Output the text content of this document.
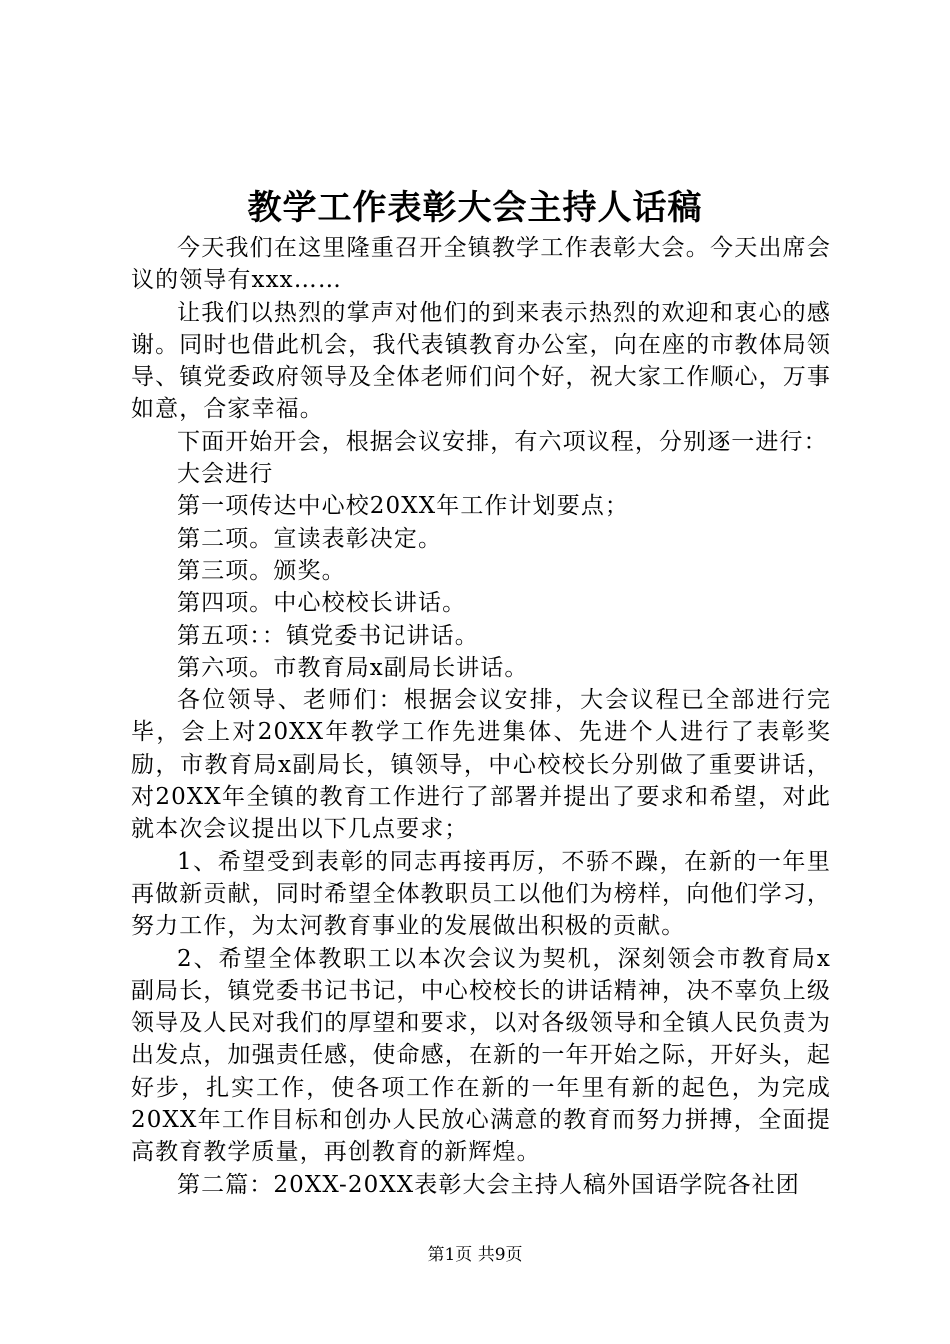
教学工作表彰大会主持人话稿

今天我们在这里隆重召开全镇教学工作表彰大会。今天出席会议的领导有xxx……

让我们以热烈的掌声对他们的到来表示热烈的欢迎和衷心的感谢。同时也借此机会，我代表镇教育办公室，向在座的市教体局领导、镇党委政府领导及全体老师们问个好，祝大家工作顺心，万事如意，合家幸福。

下面开始开会，根据会议安排，有六项议程，分别逐一进行：

大会进行

第一项传达中心校20XX年工作计划要点；

第二项。宣读表彰决定。

第三项。颁奖。

第四项。中心校校长讲话。

第五项：：镇党委书记讲话。

第六项。市教育局x副局长讲话。

各位领导、老师们：根据会议安排，大会议程已全部进行完毕，会上对20XX年教学工作先进集体、先进个人进行了表彰奖励，市教育局x副局长，镇领导，中心校校长分别做了重要讲话，对20XX年全镇的教育工作进行了部署并提出了要求和希望，对此就本次会议提出以下几点要求；

1、希望受到表彰的同志再接再厉，不骄不躁，在新的一年里再做新贡献，同时希望全体教职员工以他们为榜样，向他们学习，努力工作，为太河教育事业的发展做出积极的贡献。

2、希望全体教职工以本次会议为契机，深刻领会市教育局x副局长，镇党委书记书记，中心校校长的讲话精神，决不辜负上级领导及人民对我们的厚望和要求，以对各级领导和全镇人民负责为出发点，加强责任感，使命感，在新的一年开始之际，开好头，起好步，扎实工作，使各项工作在新的一年里有新的起色，为完成20XX年工作目标和创办人民放心满意的教育而努力拼搏，全面提高教育教学质量，再创教育的新辉煌。

第二篇：20XX-20XX表彰大会主持人稿外国语学院各社团

第1页 共9页
